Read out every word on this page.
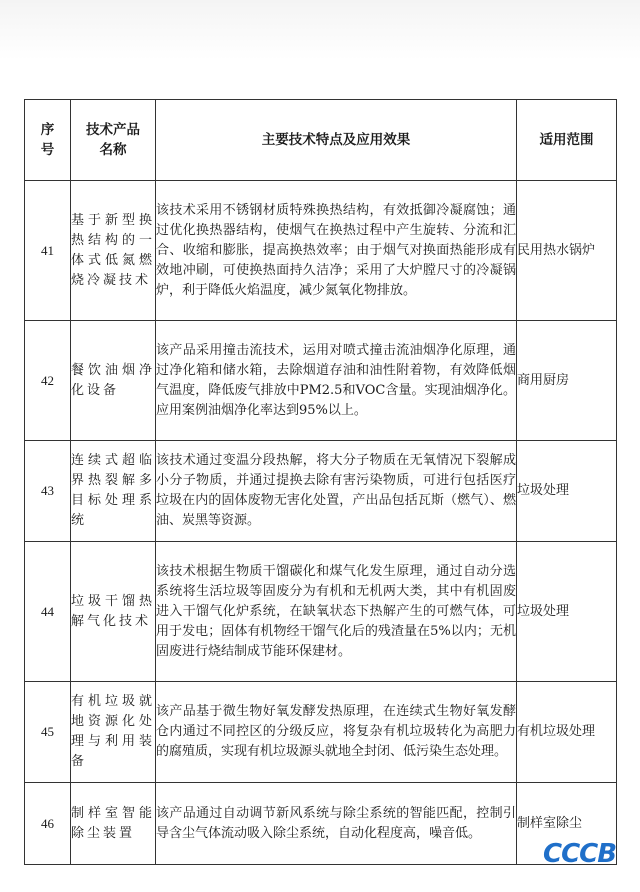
序号	技术产品名称	主要技术特点及应用效果	适用范围
41	基于新型换热结构的一体式低氮燃烧冷凝技术	该技术采用不锈钢材质特殊换热结构，有效抵御冷凝腐蚀；通过优化换热器结构，使烟气在换热过程中产生旋转、分流和汇合、收缩和膨胀，提高换热效率；由于烟气对换面热能形成有效地冲刷，可使换热面持久洁净；采用了大炉膛尺寸的冷凝锅炉，利于降低火焰温度，减少氮氧化物排放。	民用热水锅炉
42	餐饮油烟净化设备	该产品采用撞击流技术，运用对喷式撞击流油烟净化原理，通过净化箱和储水箱，去除烟道存油和油性附着物，有效降低烟气温度，降低废气排放中PM2.5和VOC含量。实现油烟净化。应用案例油烟净化率达到95%以上。	商用厨房
43	连续式超临界热裂解多目标处理系统	该技术通过变温分段热解，将大分子物质在无氧情况下裂解成小分子物质，并通过提换去除有害污染物质，可进行包括医疗垃圾在内的固体废物无害化处置，产出品包括瓦斯（燃气）、燃油、炭黑等资源。	垃圾处理
44	垃圾干馏热解气化技术	该技术根据生物质干馏碳化和煤气化发生原理，通过自动分选系统将生活垃圾等固废分为有机和无机两大类，其中有机固废进入干馏气化炉系统，在缺氧状态下热解产生的可燃气体，可用于发电；固体有机物经干馏气化后的残渣量在5%以内；无机固废进行烧结制成节能环保建材。	垃圾处理
45	有机垃圾就地资源化处理与利用装备	该产品基于微生物好氧发酵发热原理，在连续式生物好氧发酵仓内通过不同控区的分级反应，将复杂有机垃圾转化为高肥力的腐殖质，实现有机垃圾源头就地全封闭、低污染生态处理。	有机垃圾处理
46	制样室智能除尘装置	该产品通过自动调节新风系统与除尘系统的智能匹配，控制引导含尘气体流动吸入除尘系统，自动化程度高，噪音低。	制样室除尘
CCCB
